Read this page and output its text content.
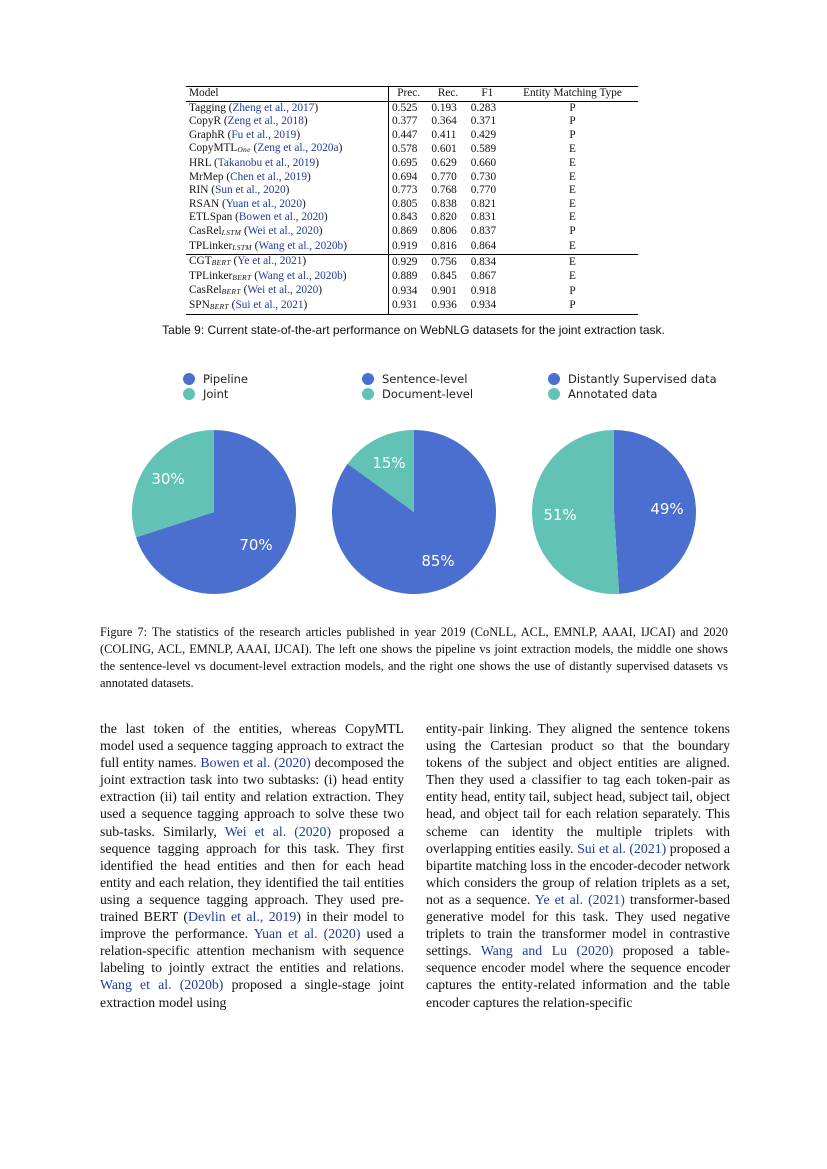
Model	Prec.	Rec.	F1	Entity Matching Type
Tagging (Zheng et al., 2017)	0.525	0.193	0.283	P
CopyR (Zeng et al., 2018)	0.377	0.364	0.371	P
GraphR (Fu et al., 2019)	0.447	0.411	0.429	P
CopyMTLOne (Zeng et al., 2020a)	0.578	0.601	0.589	E
HRL (Takanobu et al., 2019)	0.695	0.629	0.660	E
MrMep (Chen et al., 2019)	0.694	0.770	0.730	E
RIN (Sun et al., 2020)	0.773	0.768	0.770	E
RSAN (Yuan et al., 2020)	0.805	0.838	0.821	E
ETLSpan (Bowen et al., 2020)	0.843	0.820	0.831	E
CasRelLSTM (Wei et al., 2020)	0.869	0.806	0.837	P
TPLinkerLSTM (Wang et al., 2020b)	0.919	0.816	0.864	E
CGTBERT (Ye et al., 2021)	0.929	0.756	0.834	E
TPLinkerBERT (Wang et al., 2020b)	0.889	0.845	0.867	E
CasRelBERT (Wei et al., 2020)	0.934	0.901	0.918	P
SPNBERT (Sui et al., 2021)	0.931	0.936	0.934	P
Table 9: Current state-of-the-art performance on WebNLG datasets for the joint extraction task.
Pipeline
Joint
Sentence-level
Document-level
Distantly Supervised data
Annotated data
70%
30%
85%
15%
49%
51%
Figure 7: The statistics of the research articles published in year 2019 (CoNLL, ACL, EMNLP, AAAI, IJCAI) and 2020 (COLING, ACL, EMNLP, AAAI, IJCAI). The left one shows the pipeline vs joint extraction models, the middle one shows the sentence-level vs document-level extraction models, and the right one shows the use of distantly supervised datasets vs annotated datasets.
the last token of the entities, whereas CopyMTL model used a sequence tagging approach to extract the full entity names. Bowen et al. (2020) decomposed the joint extraction task into two subtasks: (i) head entity extraction (ii) tail entity and relation extraction. They used a sequence tagging approach to solve these two sub-tasks. Similarly, Wei et al. (2020) proposed a sequence tagging approach for this task. They first identified the head entities and then for each head entity and each relation, they identified the tail entities using a sequence tagging approach. They used pre-trained BERT (Devlin et al., 2019) in their model to improve the performance. Yuan et al. (2020) used a relation-specific attention mechanism with sequence labeling to jointly extract the entities and relations. Wang et al. (2020b) proposed a single-stage joint extraction model using
entity-pair linking. They aligned the sentence tokens using the Cartesian product so that the boundary tokens of the subject and object entities are aligned. Then they used a classifier to tag each token-pair as entity head, entity tail, subject head, subject tail, object head, and object tail for each relation separately. This scheme can identity the multiple triplets with overlapping entities easily. Sui et al. (2021) proposed a bipartite matching loss in the encoder-decoder network which considers the group of relation triplets as a set, not as a sequence. Ye et al. (2021) transformer-based generative model for this task. They used negative triplets to train the transformer model in contrastive settings. Wang and Lu (2020) proposed a table-sequence encoder model where the sequence encoder captures the entity-related information and the table encoder captures the relation-specific
